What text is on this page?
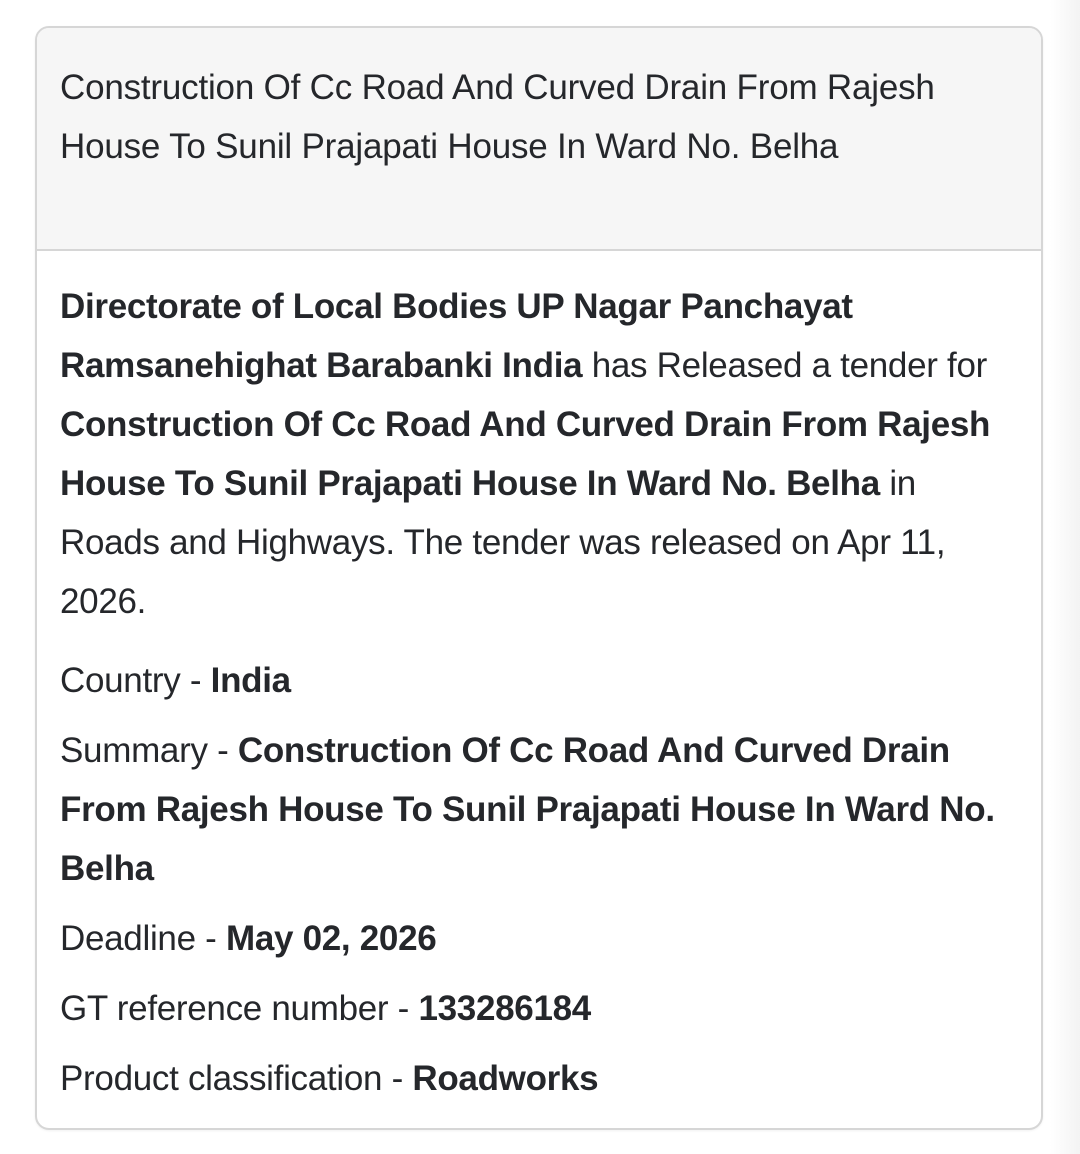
Construction Of Cc Road And Curved Drain From Rajesh House To Sunil Prajapati House In Ward No. Belha

Directorate of Local Bodies UP Nagar Panchayat Ramsanehighat Barabanki India has Released a tender for Construction Of Cc Road And Curved Drain From Rajesh House To Sunil Prajapati House In Ward No. Belha in Roads and Highways. The tender was released on Apr 11, 2026.

Country - India

Summary - Construction Of Cc Road And Curved Drain From Rajesh House To Sunil Prajapati House In Ward No. Belha

Deadline - May 02, 2026

GT reference number - 133286184

Product classification - Roadworks
